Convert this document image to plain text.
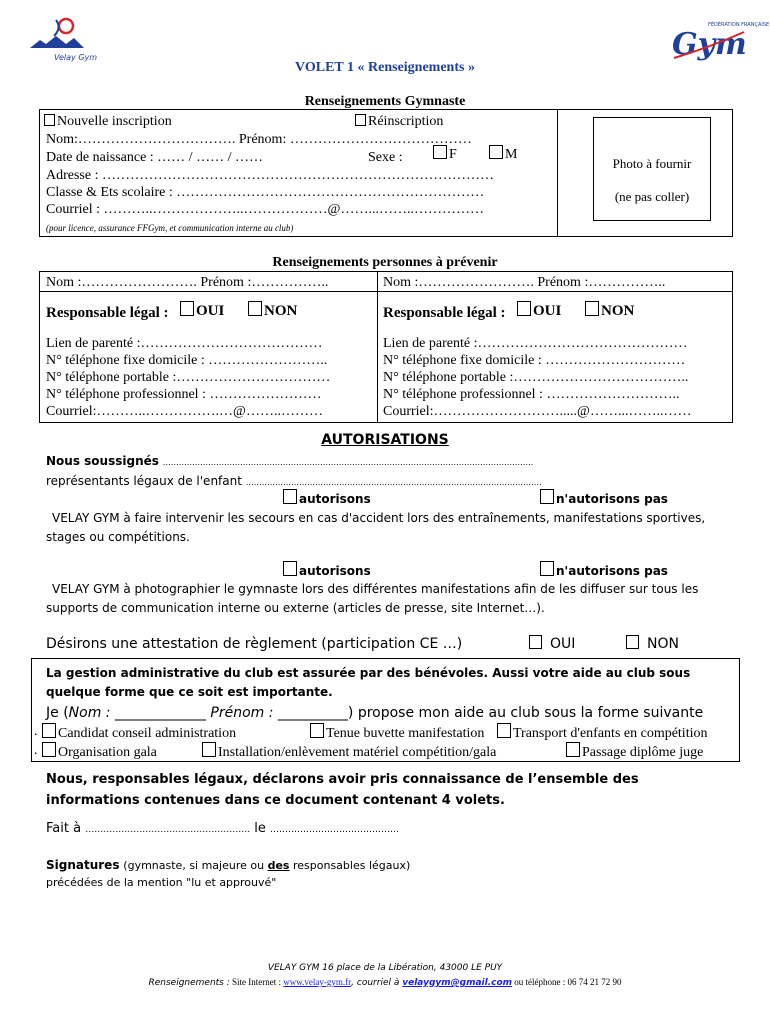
Velay Gym
FÉDÉRATION FRANÇAISE
Gym
VOLET 1 « Renseignements »
Renseignements Gymnaste
Nouvelle inscription	Réinscription
Nom:……………………………. Prénom: …………………………………
Date de naissance : …… / …… / ……	Sexe :	F	M
Adresse : …………………………………………………………………………
Classe & Ets scolaire : …………………………………………………………
Courriel : ………..………………..………………@……...……..……………
(pour licence, assurance FFGym, et communication interne au club)
Photo à fournir
(ne pas coller)
Renseignements personnes à prévenir
Nom :……………………. Prénom :……………..
Responsable légal :	OUI	NON
Lien de parenté :…………………………………
N° téléphone fixe domicile : ……………………..
N° téléphone portable :……………………………
N° téléphone professionnel : ……………………
Courriel:………..…………….…@……..………
Nom :……………………. Prénom :……………..
Responsable légal :	OUI	NON
Lien de parenté :………………………………………
N° téléphone fixe domicile : …………………………
N° téléphone portable :………………………………..
N° téléphone professionnel : ………………………..
Courriel:……………………….....@……...……..……
AUTORISATIONS
Nous soussignés ………………………………………………………………………………………………………………………….
représentants légaux de l'enfant …………………………………………………………………………………………………
autorisons	n'autorisons pas
VELAY GYM à faire intervenir les secours en cas d'accident lors des entraînements, manifestations sportives, stages ou compétitions.
autorisons	n'autorisons pas
VELAY GYM à photographier le gymnaste lors des différentes manifestations afin de les diffuser sur tous les supports de communication interne ou externe (articles de presse, site Internet…).
Désirons une attestation de règlement (participation CE …)	OUI	NON
La gestion administrative du club est assurée par des bénévoles. Aussi votre aide au club sous quelque forme que ce soit est importante.
Je (Nom : _____________ Prénom : __________) propose mon aide au club sous la forme suivante
.	Candidat conseil administration	Tenue buvette manifestation	Transport d'enfants en compétition
.	Organisation gala	Installation/enlèvement matériel compétition/gala	Passage diplôme juge
Nous, responsables légaux, déclarons avoir pris connaissance de l’ensemble des informations contenues dans ce document contenant 4 volets.
Fait à ………………………………………………. le …………………………………….
Signatures (gymnaste, si majeure ou des responsables légaux)
précédées de la mention "lu et approuvé"
VELAY GYM 16 place de la Libération, 43000 LE PUY
Renseignements : Site Internet : www.velay-gym.fr, courriel à velaygym@gmail.com ou téléphone : 06 74 21 72 90
